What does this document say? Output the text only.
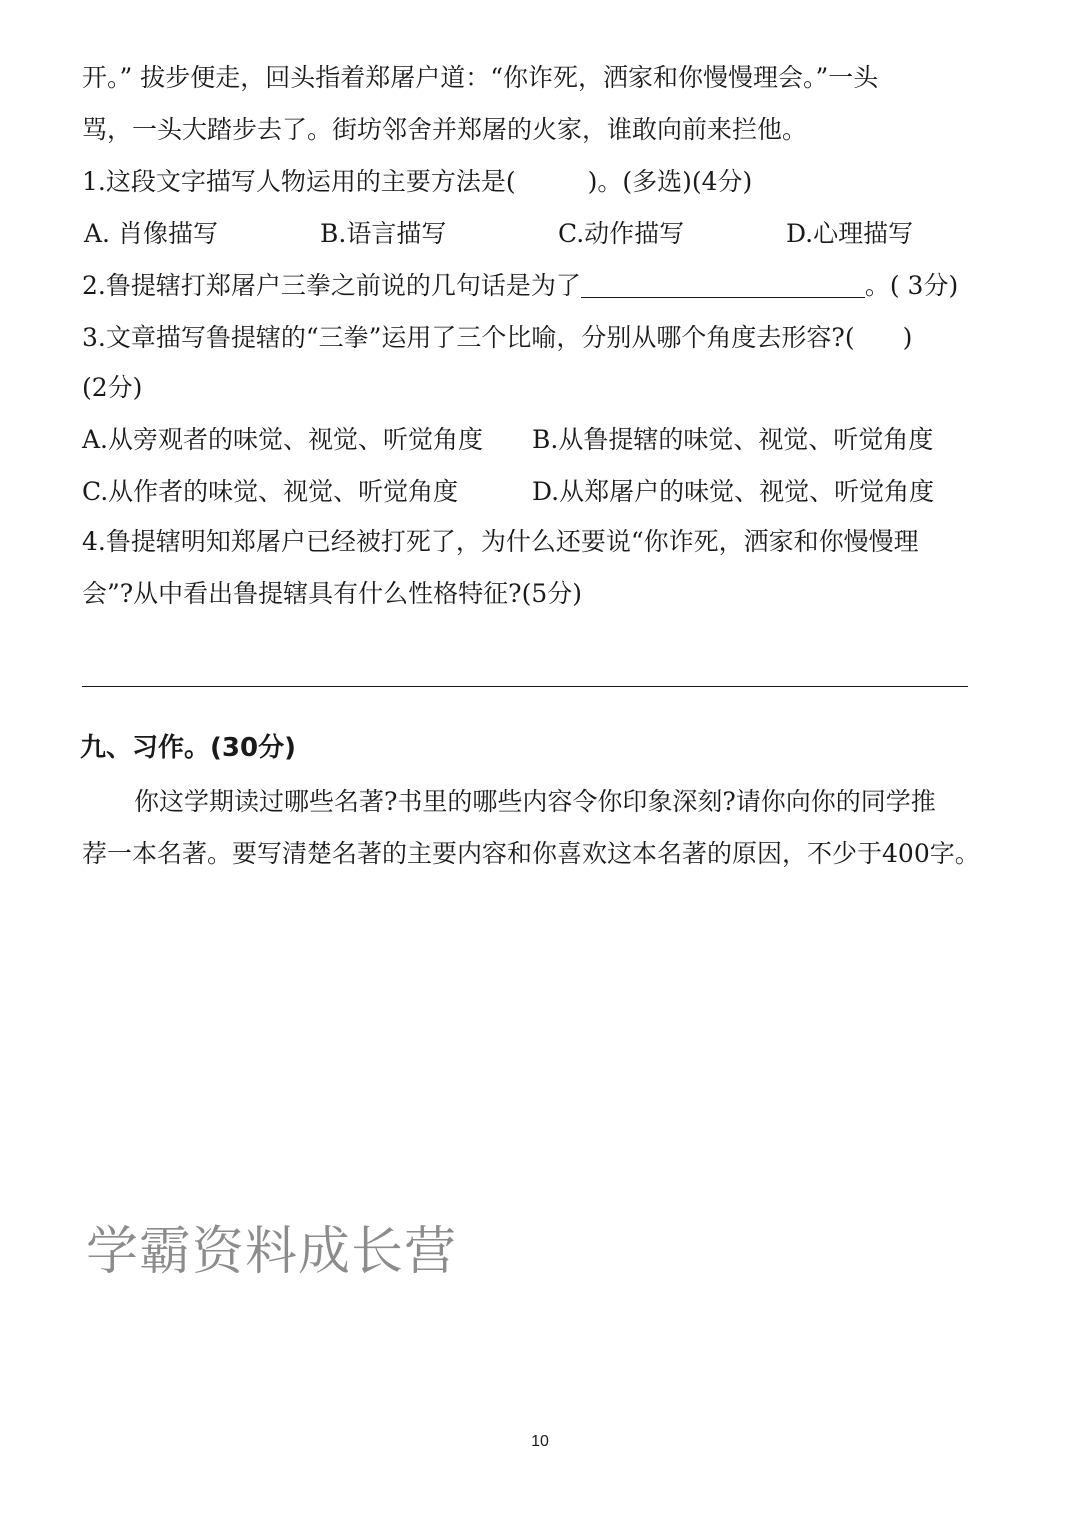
开。” 拔步便走，回头指着郑屠户道：“你诈死，洒家和你慢慢理会。”一头
骂，一头大踏步去了。街坊邻舍并郑屠的火家，谁敢向前来拦他。
1.这段文字描写人物运用的主要方法是(	)。(多选)(4分)
A. 肖像描写	B.语言描写	C.动作描写	D.心理描写
2.鲁提辖打郑屠户三拳之前说的几句话是为了	。( 3分)
3.文章描写鲁提辖的“三拳”运用了三个比喻，分别从哪个角度去形容?( )
(2分)
A.从旁观者的味觉、视觉、听觉角度 B.从鲁提辖的味觉、视觉、听觉角度
C.从作者的味觉、视觉、听觉角度	D.从郑屠户的味觉、视觉、听觉角度
4.鲁提辖明知郑屠户已经被打死了，为什么还要说“你诈死，洒家和你慢慢理
会”?从中看出鲁提辖具有什么性格特征?(5分)
九、习作。(30分)
你这学期读过哪些名著?书里的哪些内容令你印象深刻?请你向你的同学推
荐一本名著。要写清楚名著的主要内容和你喜欢这本名著的原因，不少于400字。
学霸资料成长营
10
